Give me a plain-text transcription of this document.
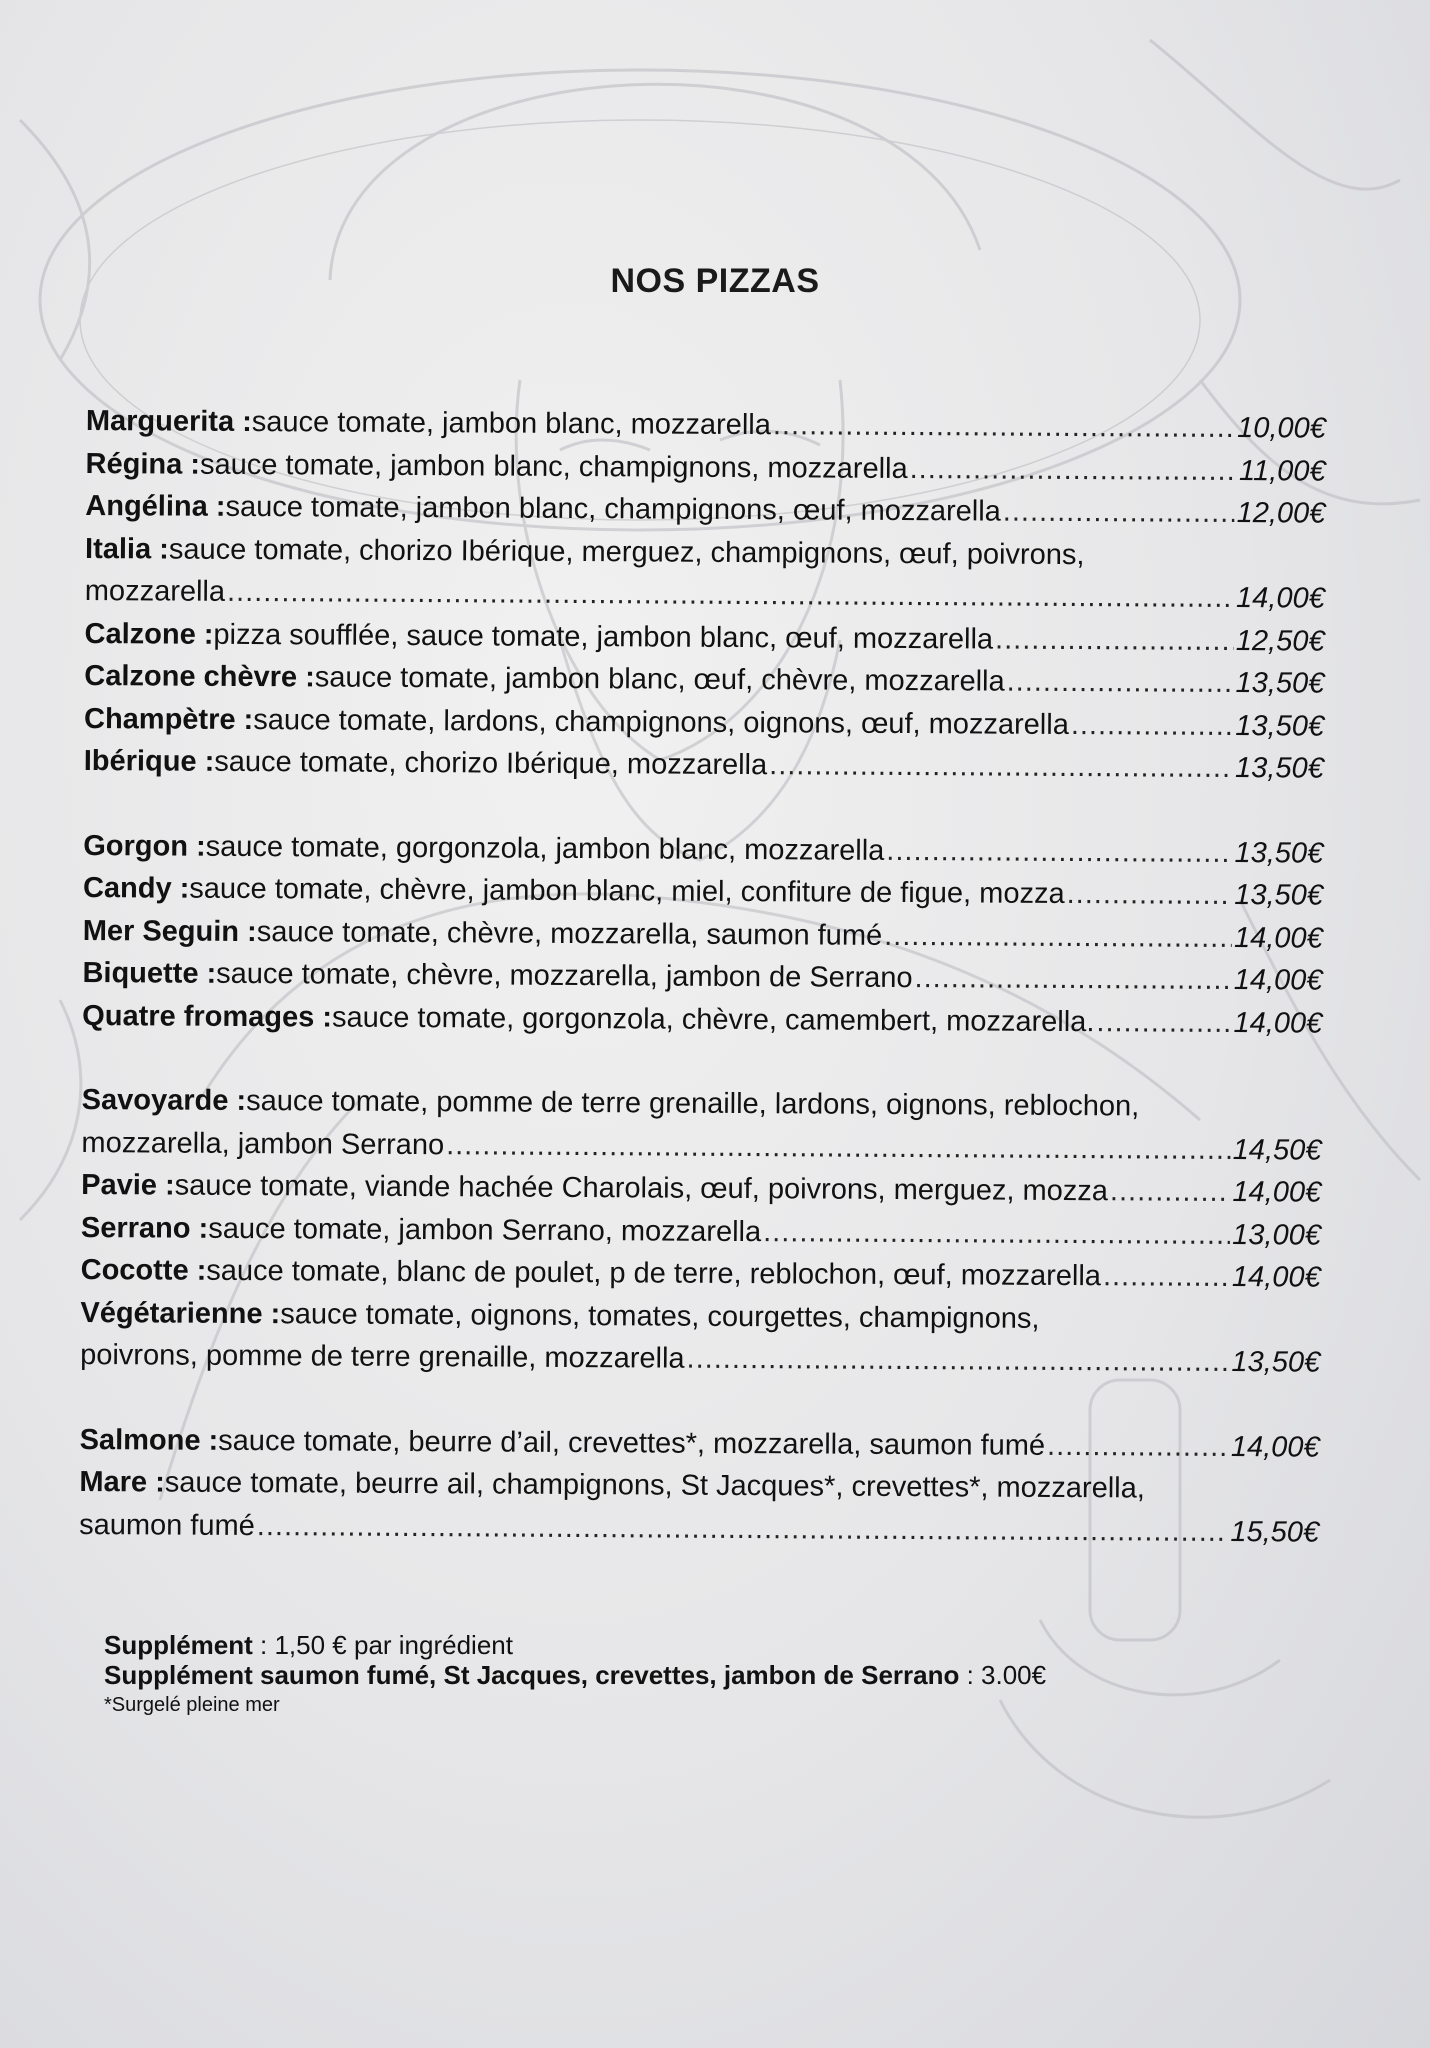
NOS PIZZAS
Marguerita : sauce tomate, jambon blanc, mozzarella .....	10,00€
Régina : sauce tomate, jambon blanc, champignons, mozzarella .....	11,00€
Angélina : sauce tomate, jambon blanc, champignons, œuf, mozzarella .....	12,00€
Italia : sauce tomate, chorizo Ibérique, merguez, champignons, œuf, poivrons,
mozzarella .....	14,00€
Calzone : pizza soufflée, sauce tomate, jambon blanc, œuf, mozzarella .....	12,50€
Calzone chèvre : sauce tomate, jambon blanc, œuf, chèvre, mozzarella .....	13,50€
Champètre : sauce tomate, lardons, champignons, oignons, œuf, mozzarella .....	13,50€
Ibérique : sauce tomate, chorizo Ibérique, mozzarella .....	13,50€
Gorgon : sauce tomate, gorgonzola, jambon blanc, mozzarella .....	13,50€
Candy : sauce tomate, chèvre, jambon blanc, miel, confiture de figue, mozza .....	13,50€
Mer Seguin : sauce tomate, chèvre, mozzarella, saumon fumé .....	14,00€
Biquette : sauce tomate, chèvre, mozzarella, jambon de Serrano .....	14,00€
Quatre fromages : sauce tomate, gorgonzola, chèvre, camembert, mozzarella. .....	14,00€
Savoyarde : sauce tomate, pomme de terre grenaille, lardons, oignons, reblochon,
mozzarella, jambon Serrano .....	14,50€
Pavie : sauce tomate, viande hachée Charolais, œuf, poivrons, merguez, mozza .....	14,00€
Serrano : sauce tomate, jambon Serrano, mozzarella .....	13,00€
Cocotte : sauce tomate, blanc de poulet, p de terre, reblochon, œuf, mozzarella .....	14,00€
Végétarienne : sauce tomate, oignons, tomates, courgettes, champignons,
poivrons, pomme de terre grenaille, mozzarella .....	13,50€
Salmone : sauce tomate, beurre d’ail, crevettes*, mozzarella, saumon fumé .....	14,00€
Mare : sauce tomate, beurre ail, champignons, St Jacques*, crevettes*, mozzarella,
saumon fumé .....	15,50€
Supplément : 1,50 € par ingrédient
Supplément saumon fumé, St Jacques, crevettes, jambon de Serrano : 3.00€
*Surgelé pleine mer
